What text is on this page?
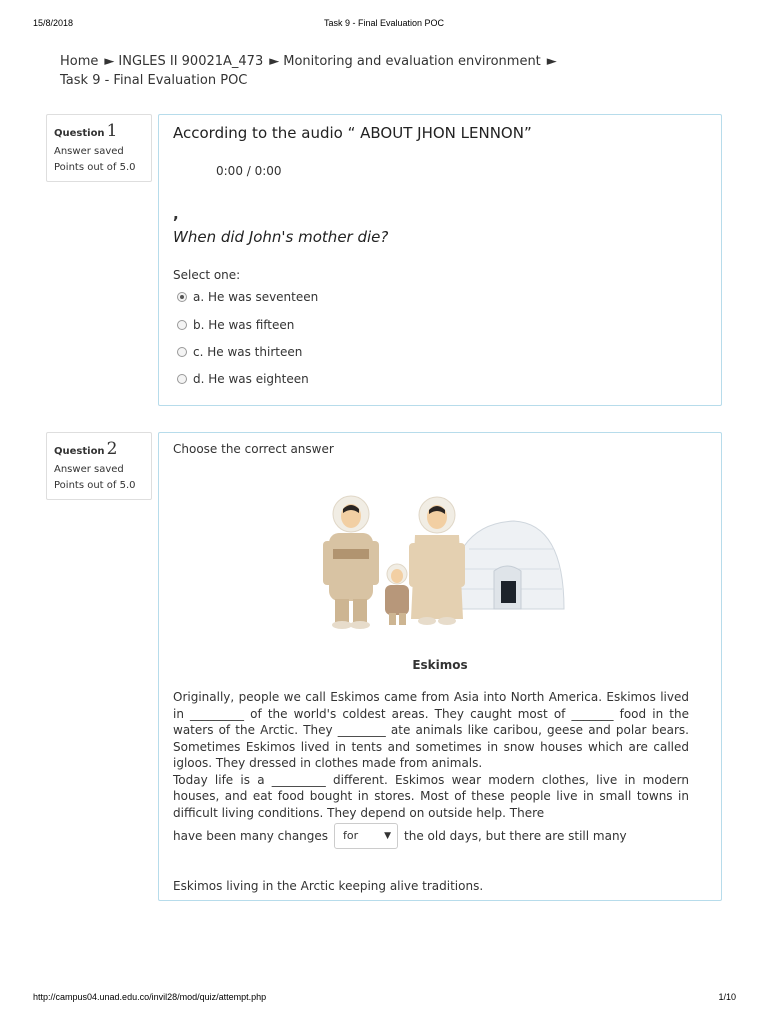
15/8/2018	Task 9 - Final Evaluation POC
Home ► INGLES II 90021A_473 ► Monitoring and evaluation environment ►
Task 9 - Final Evaluation POC
Question 1
Answer saved
Points out of 5.0
According to the audio “ ABOUT JHON LENNON”
0:00 / 0:00
,
When did John's mother die?
Select one:
a. He was seventeen
b. He was fifteen
c. He was thirteen
d. He was eighteen
Question 2
Answer saved
Points out of 5.0
Choose the correct answer
Eskimos

Originally, people we call Eskimos came from Asia into North America. Eskimos lived in _________ of the world's coldest areas. They caught most of _______ food in the waters of the Arctic. They ________ ate animals like caribou, geese and polar bears. Sometimes Eskimos lived in tents and sometimes in snow houses which are called igloos. They dressed in clothes made from animals.

Today life is a _________ different. Eskimos wear modern clothes, live in modern houses, and eat food bought in stores. Most of these people live in small towns in difficult living conditions. They depend on outside help. There

have been many changes for	▼ the old days, but there are still many

Eskimos living in the Arctic keeping alive traditions.
http://campus04.unad.edu.co/invil28/mod/quiz/attempt.php	1/10
